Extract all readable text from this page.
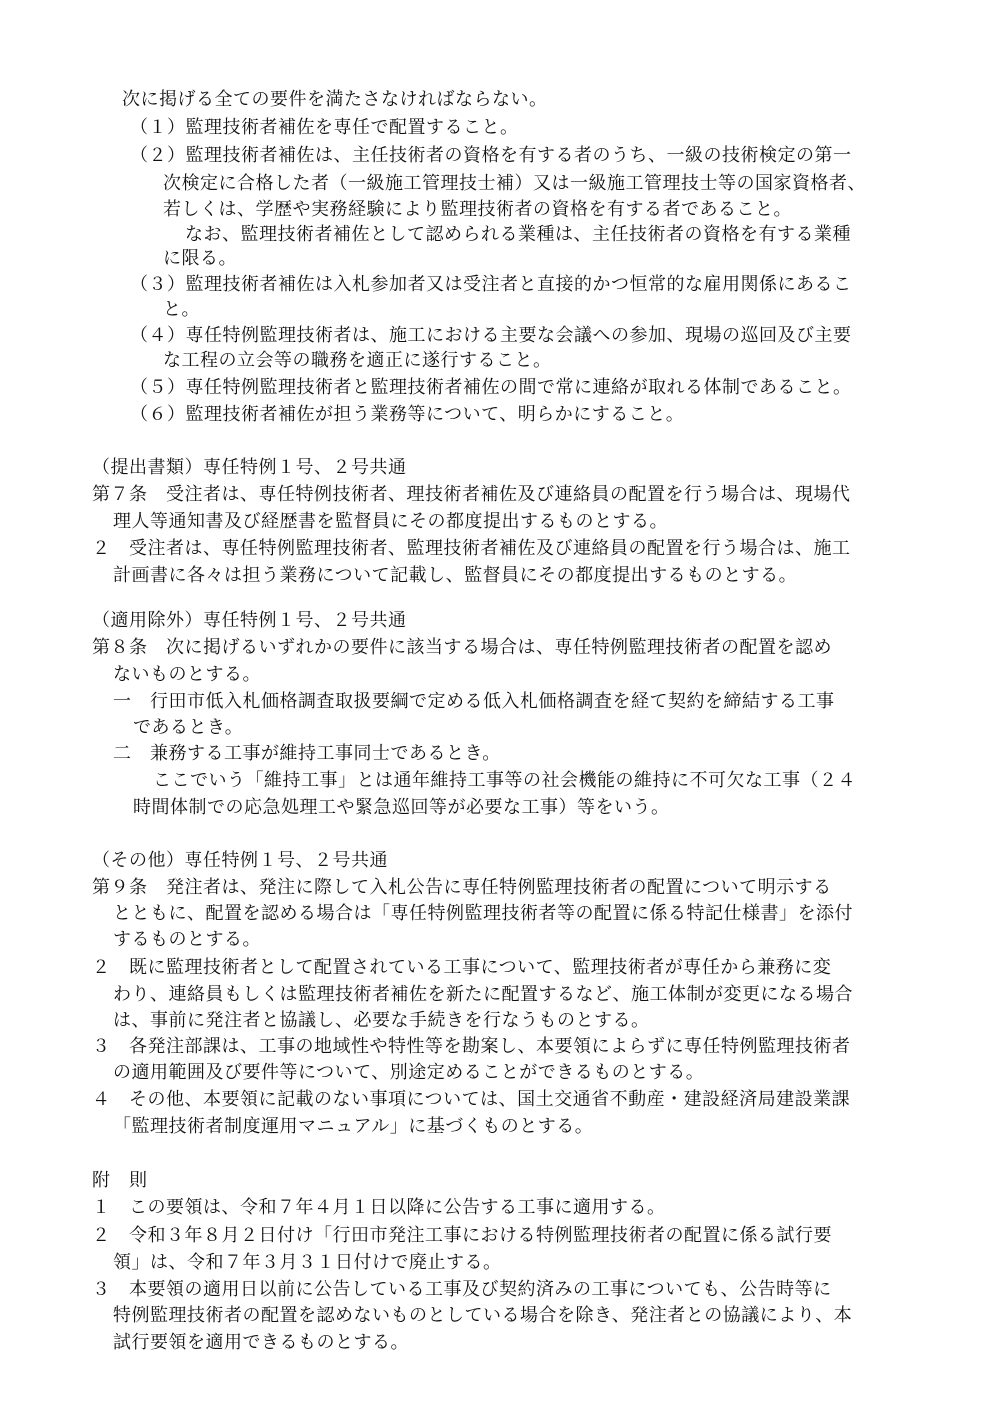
次に掲げる全ての要件を満たさなければならない。
（１）監理技術者補佐を専任で配置すること。
（２）監理技術者補佐は、主任技術者の資格を有する者のうち、一級の技術検定の第一
次検定に合格した者（一級施工管理技士補）又は一級施工管理技士等の国家資格者、
若しくは、学歴や実務経験により監理技術者の資格を有する者であること。
なお、監理技術者補佐として認められる業種は、主任技術者の資格を有する業種
に限る。
（３）監理技術者補佐は入札参加者又は受注者と直接的かつ恒常的な雇用関係にあるこ
と。
（４）専任特例監理技術者は、施工における主要な会議への参加、現場の巡回及び主要
な工程の立会等の職務を適正に遂行すること。
（５）専任特例監理技術者と監理技術者補佐の間で常に連絡が取れる体制であること。
（６）監理技術者補佐が担う業務等について、明らかにすること。
（提出書類）専任特例１号、２号共通
第７条　受注者は、専任特例技術者、理技術者補佐及び連絡員の配置を行う場合は、現場代
理人等通知書及び経歴書を監督員にその都度提出するものとする。
２　受注者は、専任特例監理技術者、監理技術者補佐及び連絡員の配置を行う場合は、施工
計画書に各々は担う業務について記載し、監督員にその都度提出するものとする。
（適用除外）専任特例１号、２号共通
第８条　次に掲げるいずれかの要件に該当する場合は、専任特例監理技術者の配置を認め
ないものとする。
一　行田市低入札価格調査取扱要綱で定める低入札価格調査を経て契約を締結する工事
であるとき。
二　兼務する工事が維持工事同士であるとき。
ここでいう「維持工事」とは通年維持工事等の社会機能の維持に不可欠な工事（２４
時間体制での応急処理工や緊急巡回等が必要な工事）等をいう。
（その他）専任特例１号、２号共通
第９条　発注者は、発注に際して入札公告に専任特例監理技術者の配置について明示する
とともに、配置を認める場合は「専任特例監理技術者等の配置に係る特記仕様書」を添付
するものとする。
２　既に監理技術者として配置されている工事について、監理技術者が専任から兼務に変
わり、連絡員もしくは監理技術者補佐を新たに配置するなど、施工体制が変更になる場合
は、事前に発注者と協議し、必要な手続きを行なうものとする。
３　各発注部課は、工事の地域性や特性等を勘案し、本要領によらずに専任特例監理技術者
の適用範囲及び要件等について、別途定めることができるものとする。
４　その他、本要領に記載のない事項については、国土交通省不動産・建設経済局建設業課
「監理技術者制度運用マニュアル」に基づくものとする。
附　則
１　この要領は、令和７年４月１日以降に公告する工事に適用する。
２　令和３年８月２日付け「行田市発注工事における特例監理技術者の配置に係る試行要
領」は、令和７年３月３１日付けで廃止する。
３　本要領の適用日以前に公告している工事及び契約済みの工事についても、公告時等に
特例監理技術者の配置を認めないものとしている場合を除き、発注者との協議により、本
試行要領を適用できるものとする。
